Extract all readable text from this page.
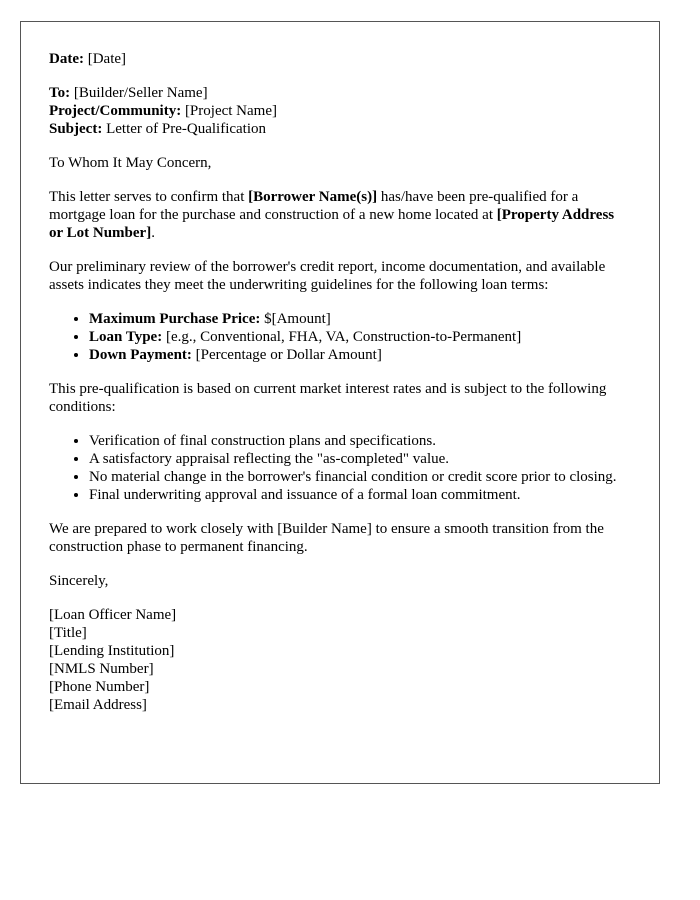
Date: [Date]
To: [Builder/Seller Name]
Project/Community: [Project Name]
Subject: Letter of Pre-Qualification
To Whom It May Concern,
This letter serves to confirm that [Borrower Name(s)] has/have been pre-qualified for a mortgage loan for the purchase and construction of a new home located at [Property Address or Lot Number].
Our preliminary review of the borrower's credit report, income documentation, and available assets indicates they meet the underwriting guidelines for the following loan terms:
• Maximum Purchase Price: $[Amount]
• Loan Type: [e.g., Conventional, FHA, VA, Construction-to-Permanent]
• Down Payment: [Percentage or Dollar Amount]
This pre-qualification is based on current market interest rates and is subject to the following conditions:
• Verification of final construction plans and specifications.
• A satisfactory appraisal reflecting the "as-completed" value.
• No material change in the borrower's financial condition or credit score prior to closing.
• Final underwriting approval and issuance of a formal loan commitment.
We are prepared to work closely with [Builder Name] to ensure a smooth transition from the construction phase to permanent financing.
Sincerely,
[Loan Officer Name]
[Title]
[Lending Institution]
[NMLS Number]
[Phone Number]
[Email Address]
